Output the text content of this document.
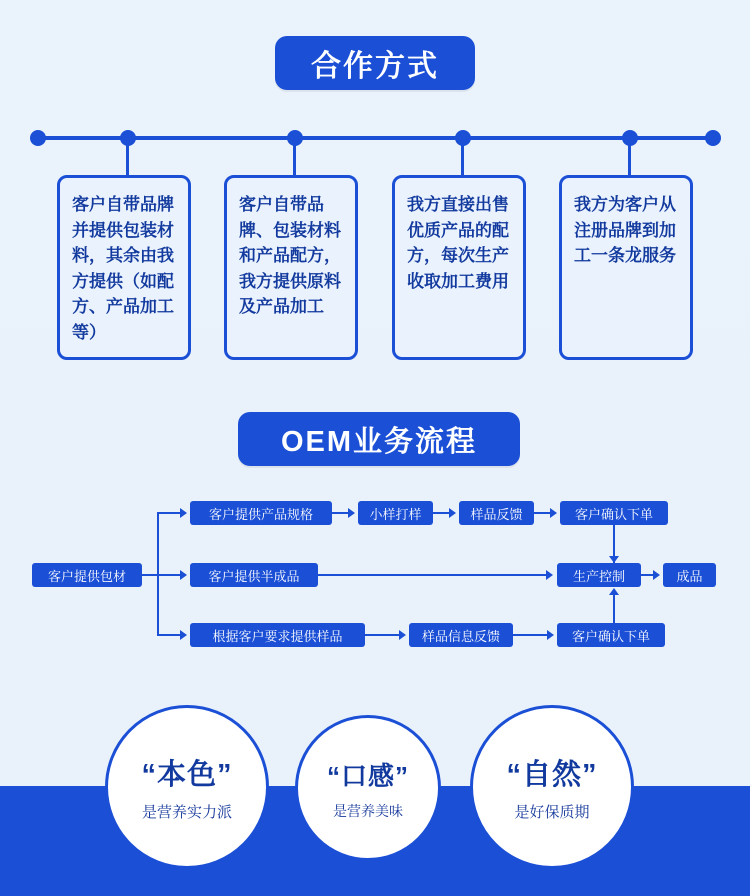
合作方式
客户自带品牌并提供包装材料，其余由我方提供（如配方、产品加工等）
客户自带品牌、包装材料和产品配方，我方提供原料及产品加工
我方直接出售优质产品的配方，每次生产收取加工费用
我方为客户从注册品牌到加工一条龙服务
OEM业务流程
客户提供包材
客户提供产品规格	小样打样	样品反馈	客户确认下单
客户提供半成品	生产控制	成品
根据客户要求提供样品	样品信息反馈	客户确认下单
“本色”
是营养实力派
“口感”
是营养美味
“自然”
是好保质期
